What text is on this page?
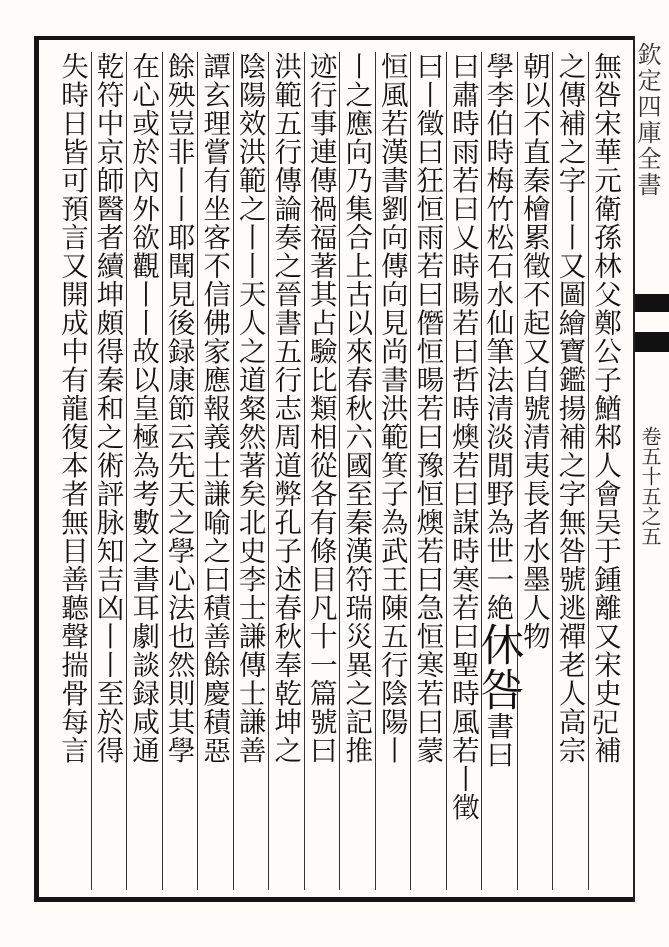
無咎宋華元衛孫林父鄭公子鰌邾人會吴于鍾離又宋史𢀶補
之傳補之字丨丨又圖繪寶鑑揚補之字無咎號逃禪老人高宗
朝以不直秦檜累徵不起又自號清夷長者水墨人物
學李伯時梅竹松石水仙筆法清淡閒野為世一絶休咎書曰
曰肅時雨若曰乂時暘若曰哲時燠若曰謀時寒若曰聖時風若丨徵
曰丨徵曰狂恒雨若曰僭恒暘若曰豫恒燠若曰急恒寒若曰蒙
恒風若漢書劉向傳向見尚書洪範箕子為武王陳五行陰陽丨
丨之應向乃集合上古以來春秋六國至秦漢符瑞災異之記推
迹行事連傳禍福著其占驗比類相從各有條目凡十一篇號曰
洪範五行傳論奏之晉書五行志周道弊孔子述春秋奉乾坤之
陰陽效洪範之丨丨天人之道粲然著矣北史李士謙傳士謙善
譚玄理嘗有坐客不信佛家應報義士謙喻之曰積善餘慶積惡
餘殃豈非丨丨耶聞見後録康節云先天之學心法也然則其學
在心或於內外欲觀丨丨故以皇極為考數之書耳劇談録咸通
乾符中京師醫者續坤頗得秦和之術評脉知吉凶丨丨至於得
失時日皆可預言又開成中有龍復本者無目善聽聲揣骨每言	欽定四庫全書
卷五十五之五
